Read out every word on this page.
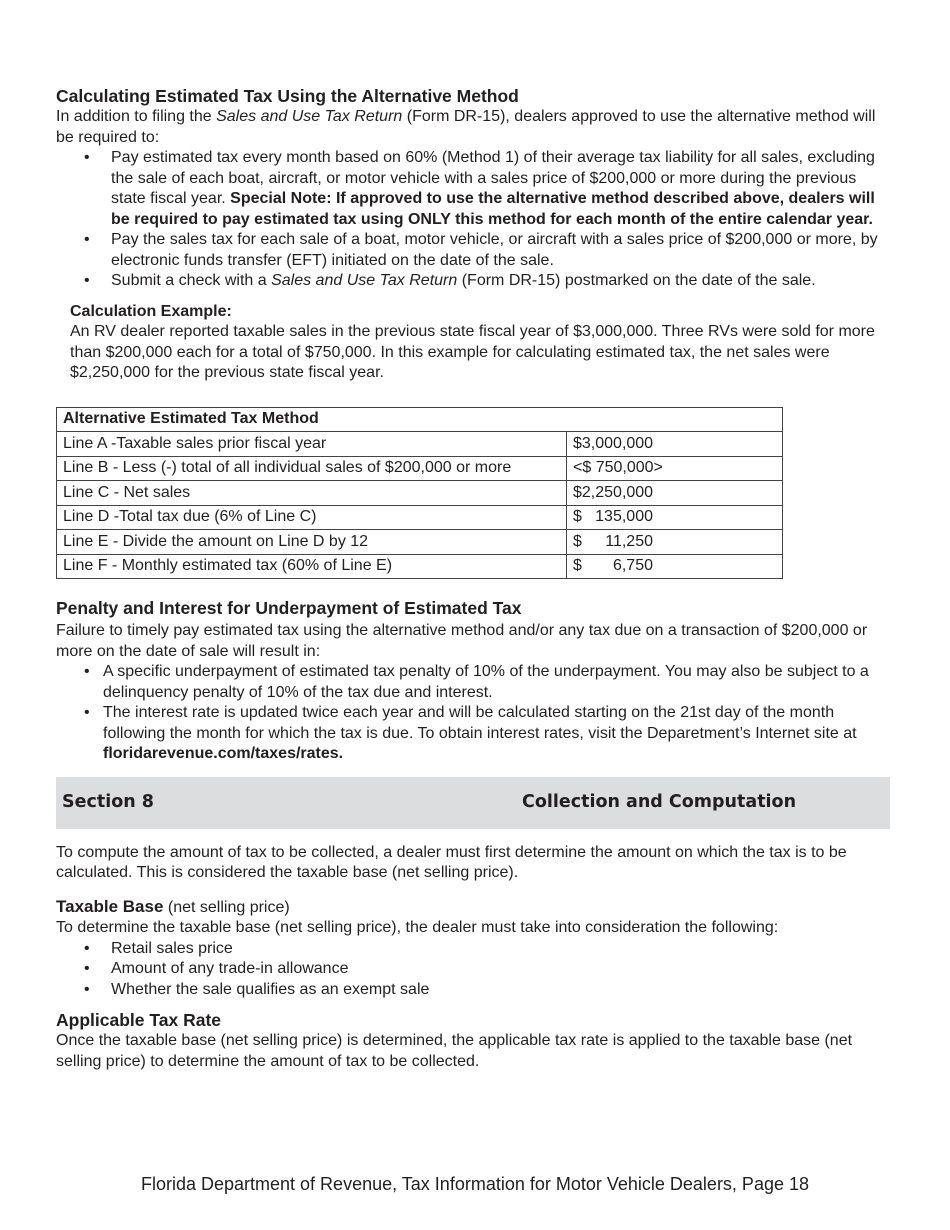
Calculating Estimated Tax Using the Alternative Method

In addition to filing the Sales and Use Tax Return (Form DR-15), dealers approved to use the alternative method will be required to:

• Pay estimated tax every month based on 60% (Method 1) of their average tax liability for all sales, excluding the sale of each boat, aircraft, or motor vehicle with a sales price of $200,000 or more during the previous state fiscal year. Special Note: If approved to use the alternative method described above, dealers will be required to pay estimated tax using ONLY this method for each month of the entire calendar year.
• Pay the sales tax for each sale of a boat, motor vehicle, or aircraft with a sales price of $200,000 or more, by electronic funds transfer (EFT) initiated on the date of the sale.
• Submit a check with a Sales and Use Tax Return (Form DR-15) postmarked on the date of the sale.
Calculation Example:

An RV dealer reported taxable sales in the previous state fiscal year of $3,000,000. Three RVs were sold for more than $200,000 each for a total of $750,000. In this example for calculating estimated tax, the net sales were $2,250,000 for the previous state fiscal year.

Alternative Estimated Tax Method	
Line A -Taxable sales prior fiscal year	$3,000,000
Line B - Less (-) total of all individual sales of $200,000 or more	<$ 750,000>
Line C - Net sales	$2,250,000
Line D -Total tax due (6% of Line C)	$ 135,000
Line E - Divide the amount on Line D by 12	$ 11,250
Line F - Monthly estimated tax (60% of Line E)	$ 6,750
Penalty and Interest for Underpayment of Estimated Tax

Failure to timely pay estimated tax using the alternative method and/or any tax due on a transaction of $200,000 or more on the date of sale will result in:

• A specific underpayment of estimated tax penalty of 10% of the underpayment. You may also be subject to a delinquency penalty of 10% of the tax due and interest.
• The interest rate is updated twice each year and will be calculated starting on the 21st day of the month following the month for which the tax is due. To obtain interest rates, visit the Deparetment’s Internet site at floridarevenue.com/taxes/rates.
Section 8	Collection and Computation

To compute the amount of tax to be collected, a dealer must first determine the amount on which the tax is to be calculated. This is considered the taxable base (net selling price).

Taxable Base (net selling price)

To determine the taxable base (net selling price), the dealer must take into consideration the following:

• Retail sales price
• Amount of any trade-in allowance
• Whether the sale qualifies as an exempt sale
Applicable Tax Rate

Once the taxable base (net selling price) is determined, the applicable tax rate is applied to the taxable base (net selling price) to determine the amount of tax to be collected.

Florida Department of Revenue, Tax Information for Motor Vehicle Dealers, Page 18
